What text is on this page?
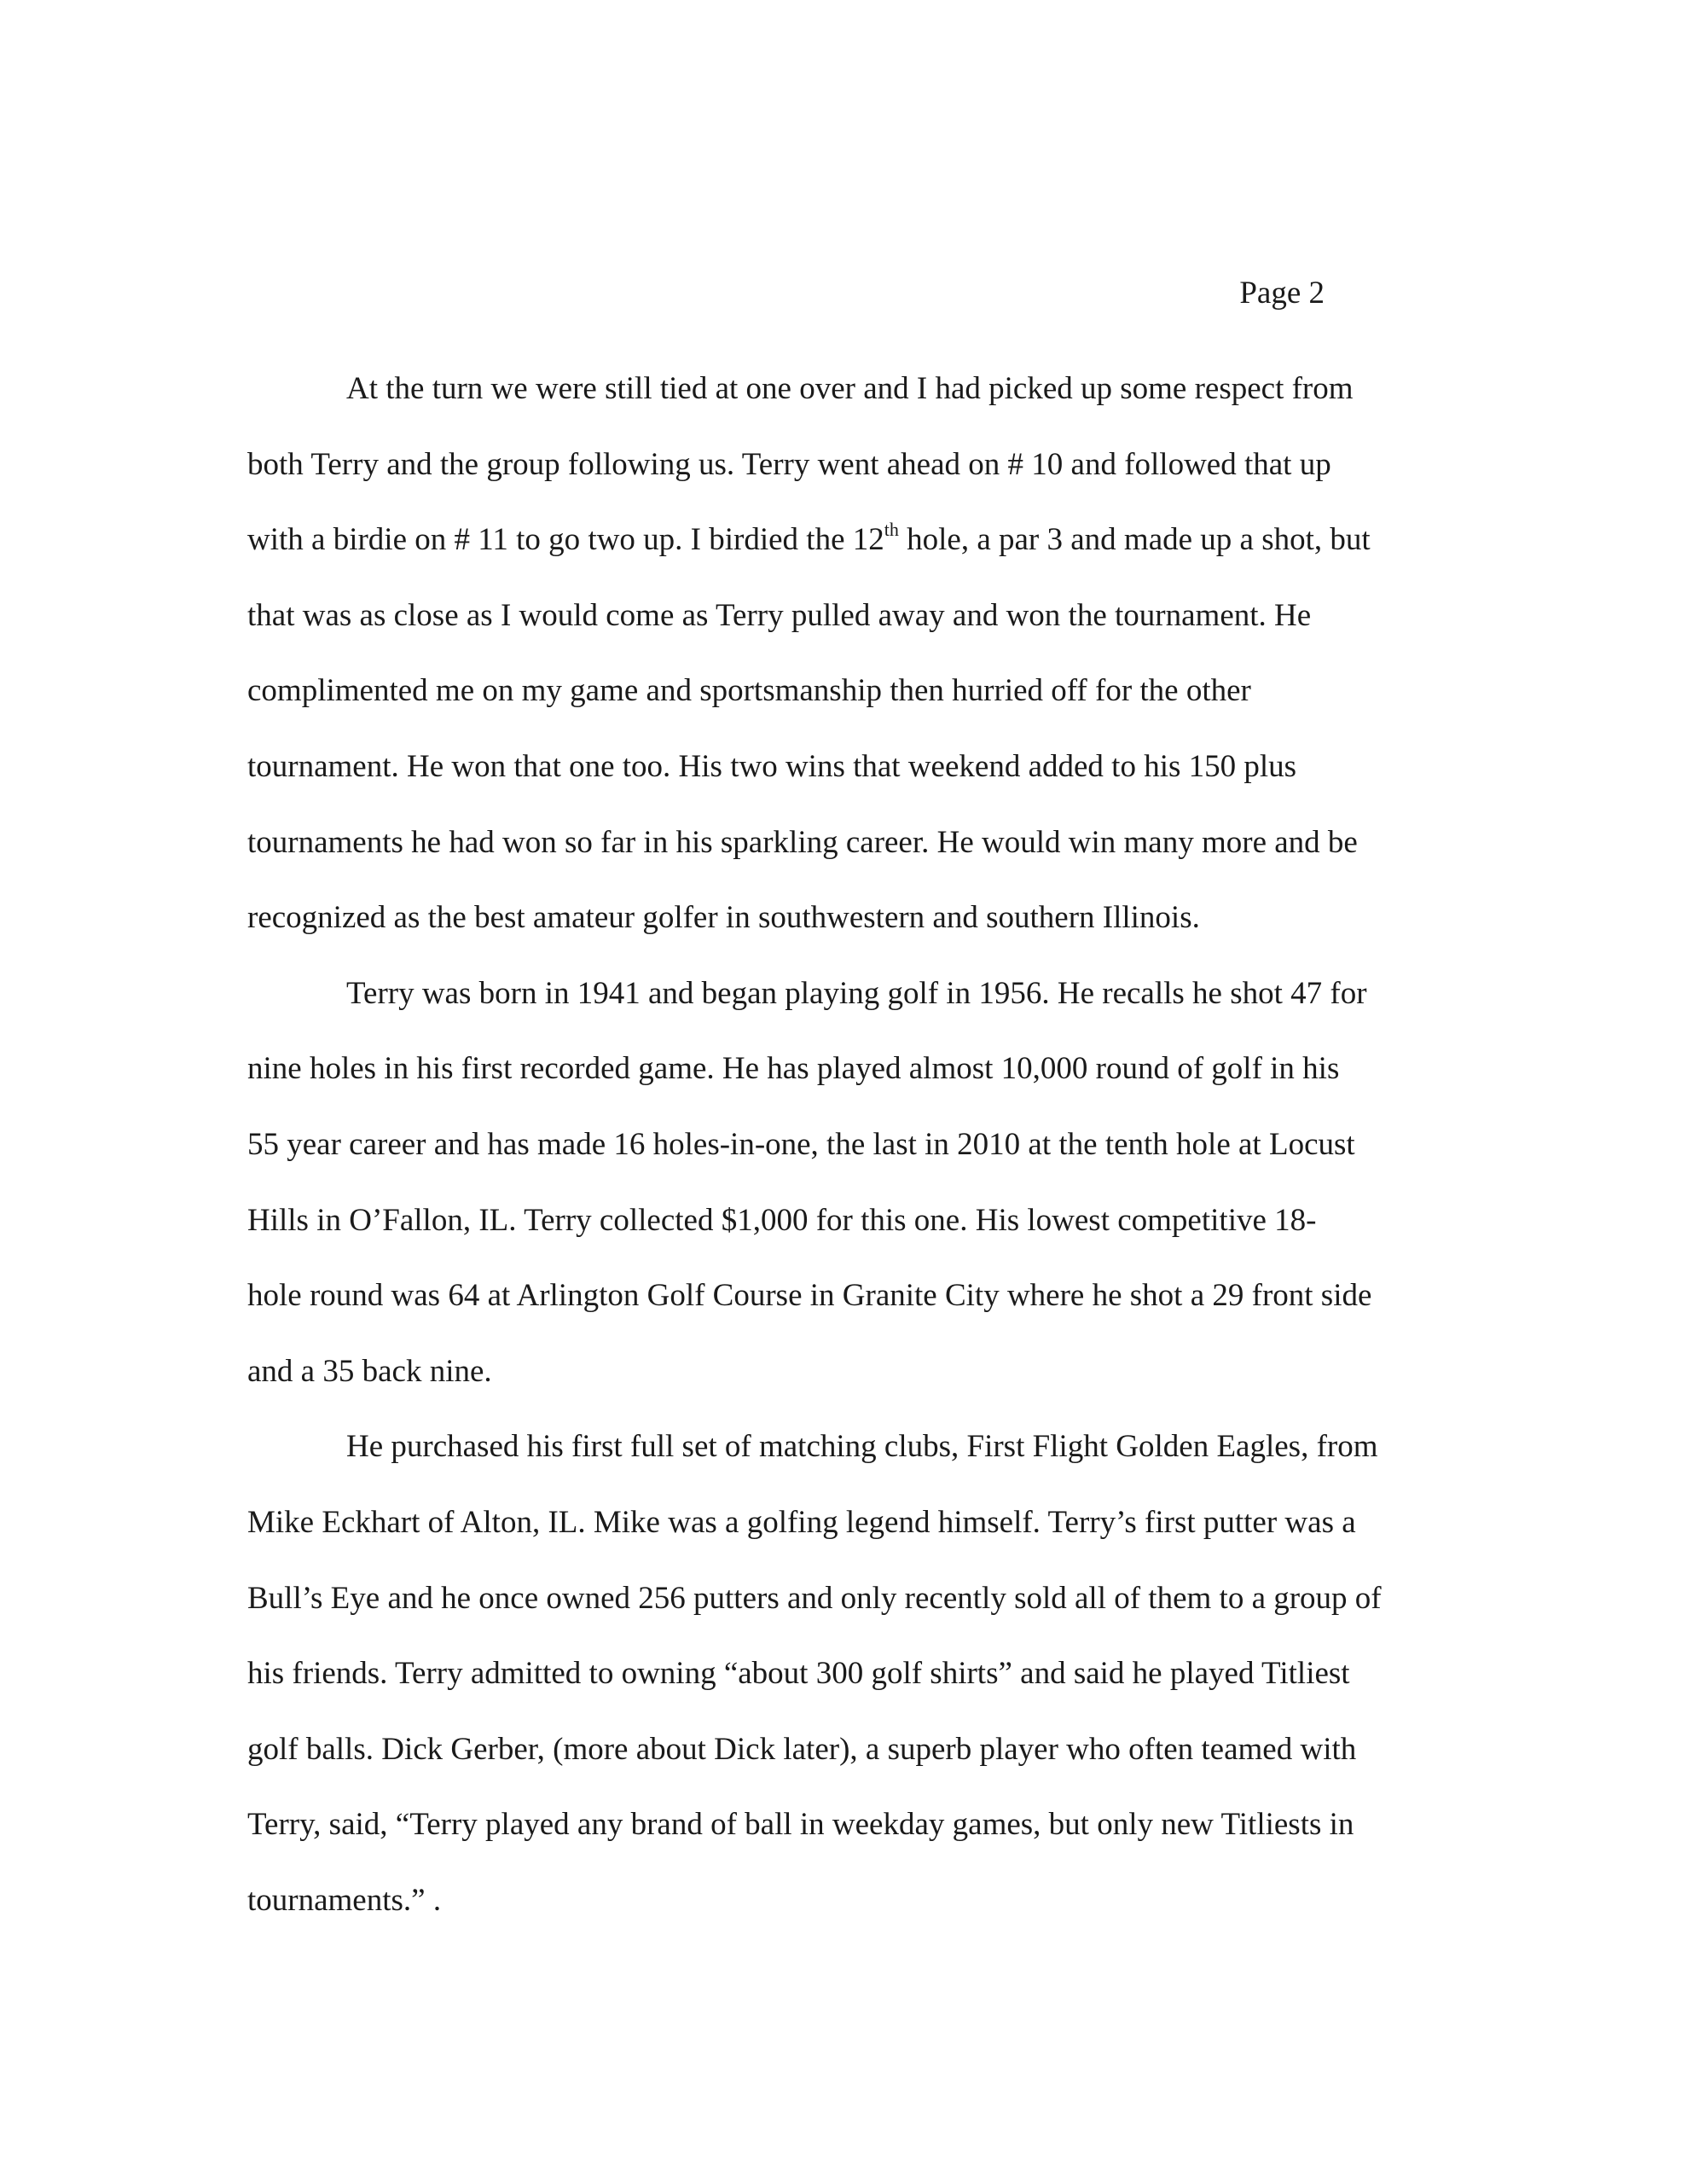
Page 2
At the turn we were still tied at one over and I had picked up some respect from
both Terry and the group following us. Terry went ahead on # 10 and followed that up
with a birdie on # 11 to go two up. I birdied the 12th hole, a par 3 and made up a shot, but
that was as close as I would come as Terry pulled away and won the tournament. He
complimented me on my game and sportsmanship then hurried off for the other
tournament. He won that one too. His two wins that weekend added to his 150 plus
tournaments he had won so far in his sparkling career. He would win many more and be
recognized as the best amateur golfer in southwestern and southern Illinois.
Terry was born in 1941 and began playing golf in 1956. He recalls he shot 47 for
nine holes in his first recorded game. He has played almost 10,000 round of golf in his
55 year career and has made 16 holes-in-one, the last in 2010 at the tenth hole at Locust
Hills in O’Fallon, IL. Terry collected $1,000 for this one. His lowest competitive 18-
hole round was 64 at Arlington Golf Course in Granite City where he shot a 29 front side
and a 35 back nine.
He purchased his first full set of matching clubs, First Flight Golden Eagles, from
Mike Eckhart of Alton, IL. Mike was a golfing legend himself. Terry’s first putter was a
Bull’s Eye and he once owned 256 putters and only recently sold all of them to a group of
his friends. Terry admitted to owning “about 300 golf shirts” and said he played Titliest
golf balls. Dick Gerber, (more about Dick later), a superb player who often teamed with
Terry, said, “Terry played any brand of ball in weekday games, but only new Titliests in
tournaments.” .
